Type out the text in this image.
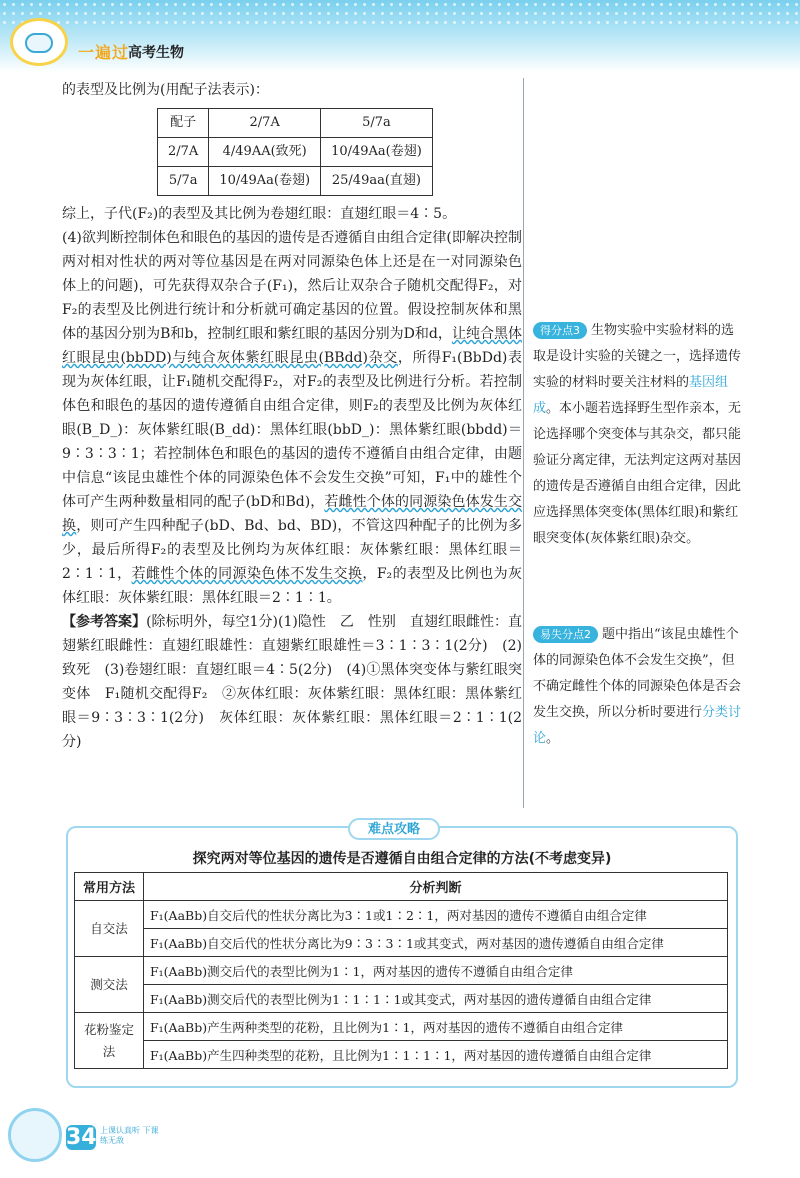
一遍过
高考生物

的表型及比例为(用配子法表示)：

配子	2/7A	5/7a
2/7A	4/49AA(致死)	10/49Aa(卷翅)
5/7a	10/49Aa(卷翅)	25/49aa(直翅)

综上，子代(F₂)的表型及其比例为卷翅红眼：直翅红眼＝4∶5。

(4)欲判断控制体色和眼色的基因的遗传是否遵循自由组合定律(即解决控制两对相对性状的两对等位基因是在两对同源染色体上还是在一对同源染色体上的问题)，可先获得双杂合子(F₁)，然后让双杂合子随机交配得F₂，对F₂的表型及比例进行统计和分析就可确定基因的位置。假设控制灰体和黑体的基因分别为B和b，控制红眼和紫红眼的基因分别为D和d，让纯合黑体红眼昆虫(bbDD)与纯合灰体紫红眼昆虫(BBdd)杂交，所得F₁(BbDd)表现为灰体红眼，让F₁随机交配得F₂，对F₂的表型及比例进行分析。若控制体色和眼色的基因的遗传遵循自由组合定律，则F₂的表型及比例为灰体红眼(B_D_)：灰体紫红眼(B_dd)：黑体红眼(bbD_)：黑体紫红眼(bbdd)＝9∶3∶3∶1；若控制体色和眼色的基因的遗传不遵循自由组合定律，由题中信息“该昆虫雄性个体的同源染色体不会发生交换”可知，F₁中的雄性个体可产生两种数量相同的配子(bD和Bd)，若雌性个体的同源染色体发生交换，则可产生四种配子(bD、Bd、bd、BD)，不管这四种配子的比例为多少，最后所得F₂的表型及比例均为灰体红眼：灰体紫红眼：黑体红眼＝2∶1∶1，若雌性个体的同源染色体不发生交换，F₂的表型及比例也为灰体红眼：灰体紫红眼：黑体红眼＝2∶1∶1。

【参考答案】(除标明外，每空1分)(1)隐性　乙　性别　直翅红眼雌性：直翅紫红眼雌性：直翅红眼雄性：直翅紫红眼雄性＝3∶1∶3∶1(2分)　(2)致死　(3)卷翅红眼：直翅红眼＝4∶5(2分)　(4)①黑体突变体与紫红眼突变体　F₁随机交配得F₂　②灰体红眼：灰体紫红眼：黑体红眼：黑体紫红眼＝9∶3∶3∶1(2分)　灰体红眼：灰体紫红眼：黑体红眼＝2∶1∶1(2分)

得分点3 生物实验中实验材料的选取是设计实验的关键之一，选择遗传实验的材料时要关注材料的基因组成。本小题若选择野生型作亲本，无论选择哪个突变体与其杂交，都只能验证分离定律，无法判定这两对基因的遗传是否遵循自由组合定律，因此应选择黑体突变体(黑体红眼)和紫红眼突变体(灰体紫红眼)杂交。
易失分点2 题中指出“该昆虫雄性个体的同源染色体不会发生交换”，但不确定雌性个体的同源染色体是否会发生交换，所以分析时要进行分类讨论。
难点攻略
探究两对等位基因的遗传是否遵循自由组合定律的方法(不考虑变异)
常用方法	分析判断
自交法	F₁(AaBb)自交后代的性状分离比为3∶1或1∶2∶1，两对基因的遗传不遵循自由组合定律
	F₁(AaBb)自交后代的性状分离比为9∶3∶3∶1或其变式，两对基因的遗传遵循自由组合定律
测交法	F₁(AaBb)测交后代的表型比例为1∶1，两对基因的遗传不遵循自由组合定律
	F₁(AaBb)测交后代的表型比例为1∶1∶1∶1或其变式，两对基因的遗传遵循自由组合定律
花粉鉴定法	F₁(AaBb)产生两种类型的花粉，且比例为1∶1，两对基因的遗传不遵循自由组合定律
	F₁(AaBb)产生四种类型的花粉，且比例为1∶1∶1∶1，两对基因的遗传遵循自由组合定律
34 上课认真听 下课练无敌
